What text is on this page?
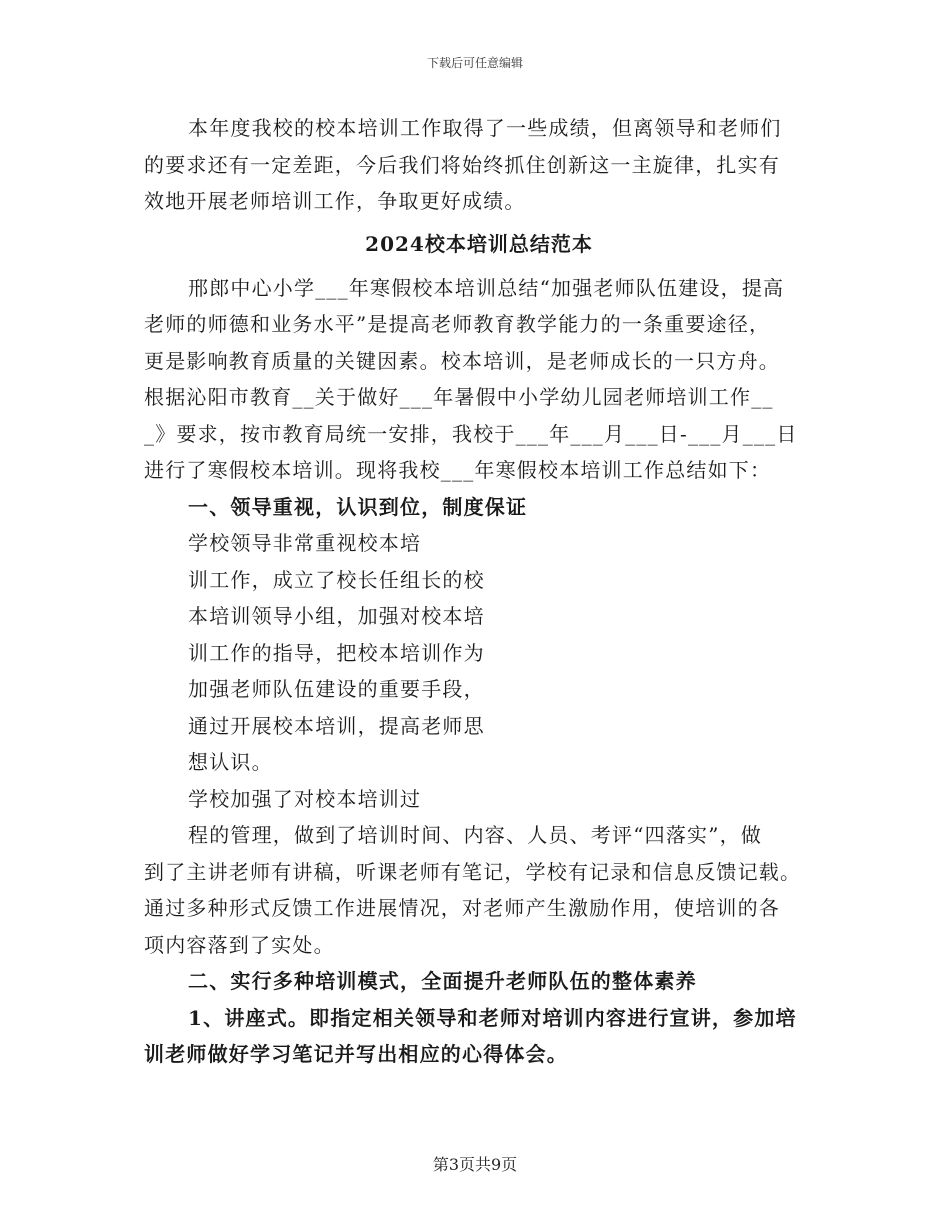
下载后可任意编辑
本年度我校的校本培训工作取得了一些成绩，但离领导和老师们
的要求还有一定差距，今后我们将始终抓住创新这一主旋律，扎实有
效地开展老师培训工作，争取更好成绩。
2024校本培训总结范本
邢郎中心小学___年寒假校本培训总结“加强老师队伍建设，提高
老师的师德和业务水平”是提高老师教育教学能力的一条重要途径，
更是影响教育质量的关键因素。校本培训，是老师成长的一只方舟。
根据沁阳市教育__关于做好___年暑假中小学幼儿园老师培训工作__
_》要求，按市教育局统一安排，我校于___年___月___日-___月___日
进行了寒假校本培训。现将我校___年寒假校本培训工作总结如下：
一、领导重视，认识到位，制度保证
学校领导非常重视校本培
训工作，成立了校长任组长的校
本培训领导小组，加强对校本培
训工作的指导，把校本培训作为
加强老师队伍建设的重要手段，
通过开展校本培训，提高老师思
想认识。
学校加强了对校本培训过
程的管理，做到了培训时间、内容、人员、考评“四落实”，做
到了主讲老师有讲稿，听课老师有笔记，学校有记录和信息反馈记载。
通过多种形式反馈工作进展情况，对老师产生激励作用，使培训的各
项内容落到了实处。
二、实行多种培训模式，全面提升老师队伍的整体素养
1、讲座式。即指定相关领导和老师对培训内容进行宣讲，参加培
训老师做好学习笔记并写出相应的心得体会。
第3页共9页
